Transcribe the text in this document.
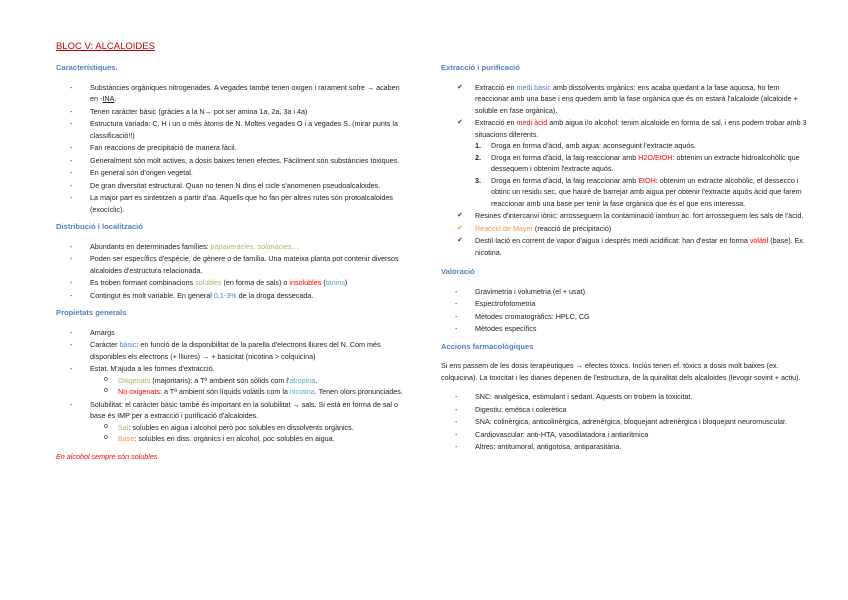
BLOC V: ALCALOIDES
Característiques.
- Substàncies orgàniques nitrogenades. A vegades també tenen oxigen i rarament sofre → acaben en -INA.
- Tenen caràcter bàsic (gràcies a la N→ pot ser amina 1a, 2a, 3a i 4a)
- Estructura variada: C, H i un o més àtoms de N. Moltes vegades O i a vegades S. (mirar punts la classificació!!)
- Fan reaccions de precipitació de manera fàcil.
- Generalment són molt actives, a dosis baixes tenen efectes. Fàcilment són substàncies tòxiques.
- En general són d'origen vegetal.
- De gran diversitat estructural. Quan no tenen N dins el cicle s'anomenen pseudoalcaloides.
- La major part es sintetitzen a partir d'aa. Aquells que ho fan per altres rutes són protoalcaloides (exocíclic).
Distribució i localització
- Abundants en determinades famílies: papaveràcies, solanàcies,...
- Poden ser específics d'espècie, de gènere o de família. Una mateixa planta pot contenir diversos alcaloides d'estructura relacionada.
- Es troben formant combinacions solubles (en forma de sals) o insolubles (tanins)
- Contingut és molt variable. En general 0,1-3% de la droga dessecada.
Propietats generals
- Amargs
- Caràcter bàsic: en funció de la disponibilitat de la parella d'electrons lliures del N. Com més disponibles els electrons (+ lliures) → + basicitat (nicotina > colquicina)
- Estat. M'ajuda a les formes d'extracció.
o Oxigenats (majoritaris): a Tª ambient són sòlids com l'atropina.
o No oxigenats: a Tª ambient són líquids volàtils com la nicotina. Tenen olors pronunciades.
- Solubilitat: el caràcter bàsic també és important en la solubilitat → sals. Si està en forma de sal o base és IMP per a extracció i purificació d'alcaloides.
o Sal: solubles en aigua i alcohol però poc solubles en dissolvents orgànics.
o Base: solubles en diss. orgànics i en alcohol, poc solubles en aigua.
En alcohol sempre són solubles.
Extracció i purificació
✔ Extracció en medi bàsic amb dissolvents orgànics: ens acaba quedant a la fase aquosa, ho fem reaccionar amb una base i ens quedem amb la fase orgànica que és on estarà l'alcaloide (alcaloide + soluble en fase orgànica).
✔ Extracció en medi àcid amb aigua i/o alcohol: tenim alcaloide en forma de sal, i ens podem trobar amb 3 situacions diferents.
1. Droga en forma d'àcid, amb aigua: aconseguint l'extracte aquós.
2. Droga en forma d'àcid, la faig reaccionar amb H2O/EtOH: obtenim un extracte hidroalcohòlic que dessequem i obtenim l'extracte aquós.
3. Droga en forma d'àcid, la faig reaccionar amb EtOH: obtenim un extracte alcohòlic, el dessecco i obtinc un residu sec, que haurè de barrejar amb aigua per obtenir l'extracte aquós àcid que farem reaccionar amb una base per tenir la fase orgànica que és el que ens interessa.
✔ Resines d'intercanvi iònic: arrosseguem la contaminació iambun àc. fort arrosseguem les sals de l'àcid.
✔ Reacció de Mayer (reacció de precipitació)
✔ Destil·lació en corrent de vapor d'aigua i després medi acidificat: han d'estar en forma volàtil (base). Ex. nicotina.
Valoració
- Gravimetria i volumetria (el + usat).
- Espectrofotometria
- Mètodes cromatogràfics: HPLC, CG
- Mètodes específics
Accions farmacològiques

Si ens passem de les dosis terapèutiques → efectes tòxics. Inclús tenen ef. tòxics a dosis molt baixes (ex. colquicina). La toxicitat i les dianes depenen de l'estructura, de la quiralitat dels alcaloides (levogir sovint + actiu).

- SNC: analgèsica, estimulant i sedant. Aquests on trobem la toxicitat.
- Digestiu: emètica i colerètica
- SNA: colinèrgica, anticolinèrgica, adrenèrgica, bloquejant adrenèrgica i bloquejant neuromuscular.
- Cardiovascular: anti-HTA, vasodilatadora i antiarítmica
- Altres: antitumoral, antigotosa, antiparasitària.
